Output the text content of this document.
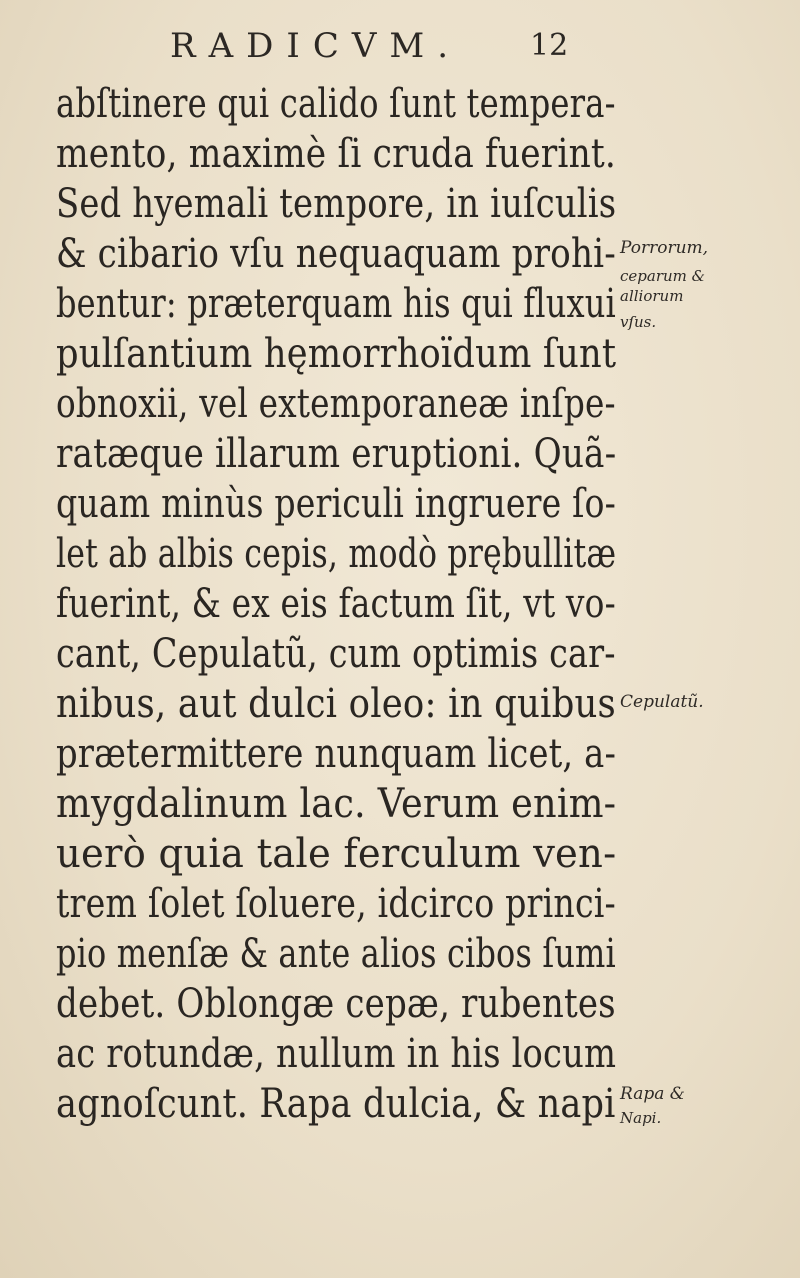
RADICVM. 12
abſtinere qui calido ſunt tempera-
mento, maximè ſi cruda fuerint.
Sed hyemali tempore, in iuſculis
& cibario vſu nequaquam prohi-
bentur: præterquam his qui fluxui
pulſantium hęmorrhoïdum ſunt
obnoxii, vel extemporaneæ inſpe-
ratæque illarum eruptioni. Quã-
quam minùs periculi ingruere ſo-
let ab albis cepis, modò prębullitæ
fuerint, & ex eis factum ſit, vt vo-
cant, Cepulatũ, cum optimis car-
nibus, aut dulci oleo: in quibus
prætermittere nunquam licet, a-
mygdalinum lac. Verum enim-
uerò quia tale ferculum ven-
trem ſolet ſoluere, idcirco princi-
pio menſæ & ante alios cibos ſumi
debet. Oblongæ cepæ, rubentes
ac rotundæ, nullum in his locum
agnoſcunt. Rapa dulcia, & napi
Porrorum,
ceparum &
alliorum
vſus.
Cepulatũ.
Rapa &
Napi.
